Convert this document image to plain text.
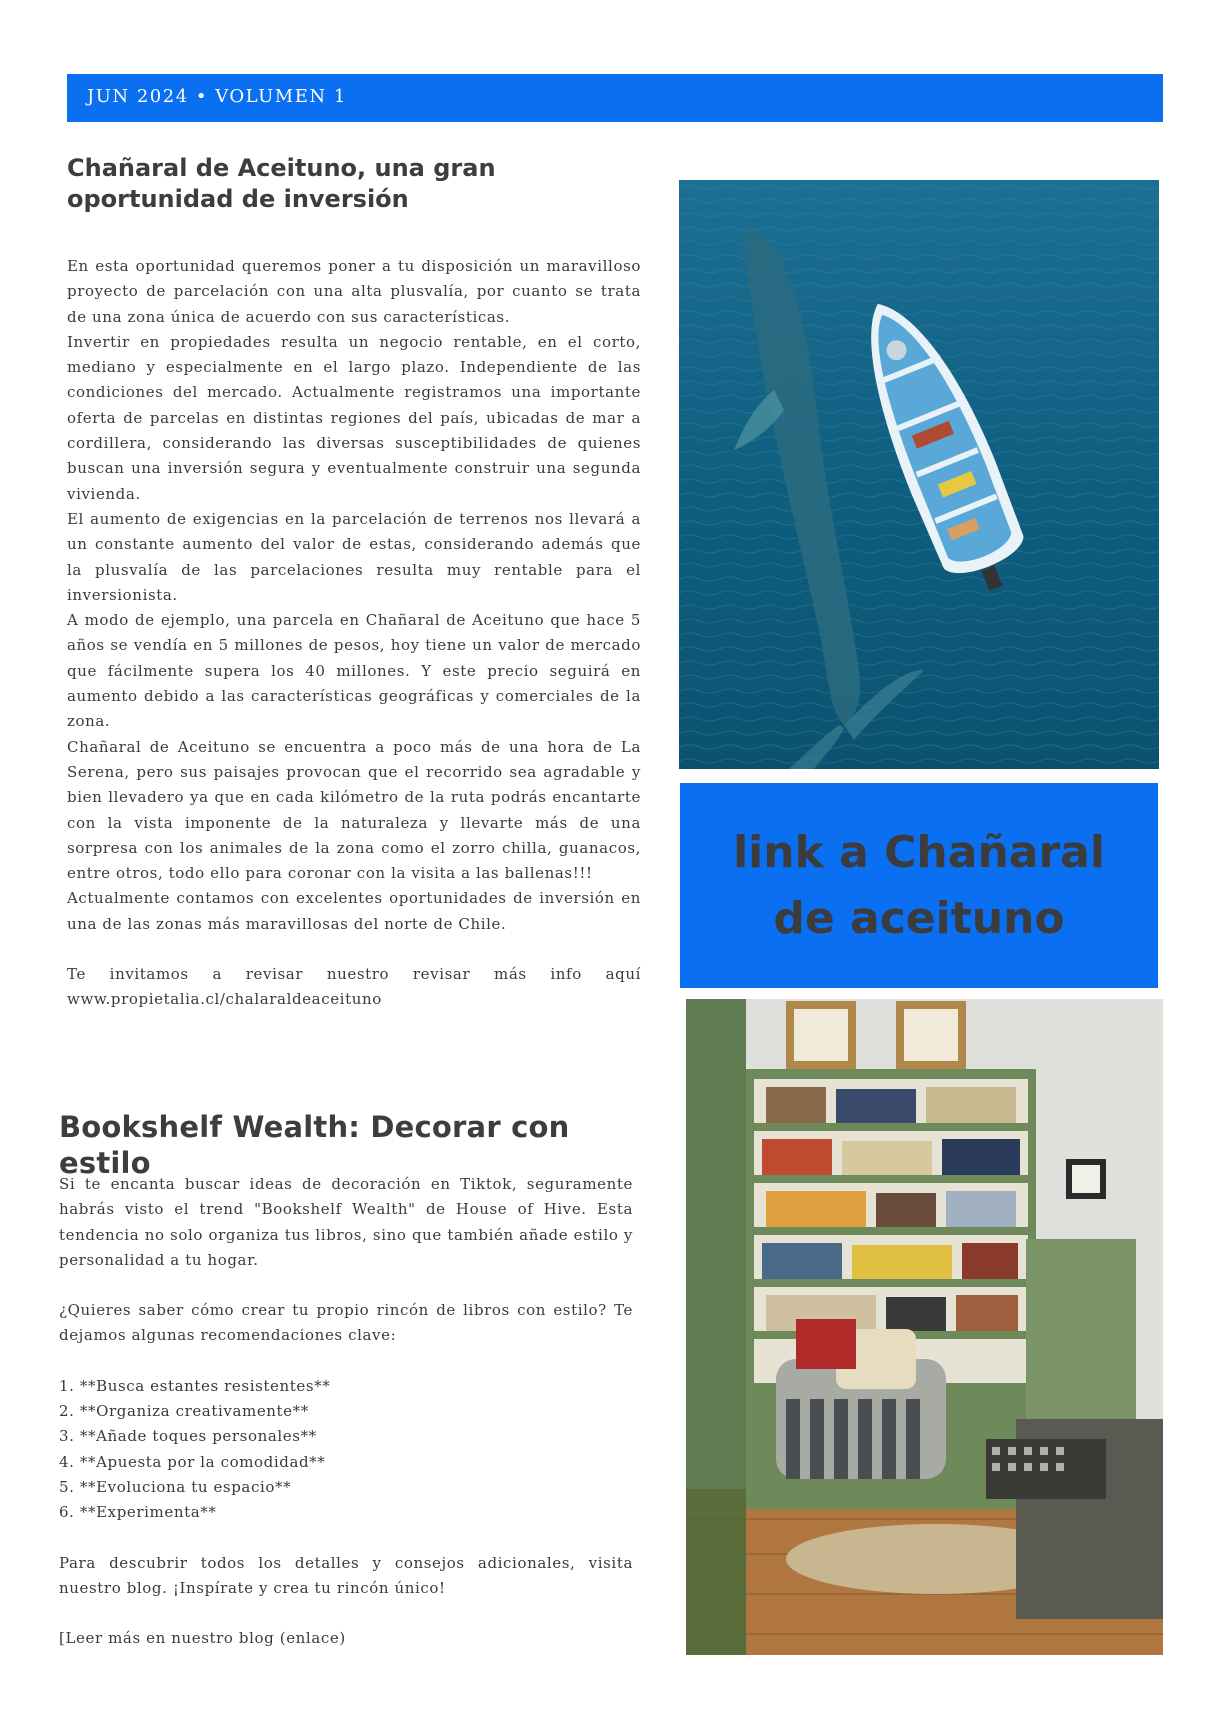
JUN 2024 • VOLUMEN 1
Chañaral de Aceituno, una gran oportunidad de inversión

En esta oportunidad queremos poner a tu disposición un maravilloso proyecto de parcelación con una alta plusvalía, por cuanto se trata de una zona única de acuerdo con sus características.

Invertir en propiedades resulta un negocio rentable, en el corto, mediano y especialmente en el largo plazo. Independiente de las condiciones del mercado. Actualmente registramos una importante oferta de parcelas en distintas regiones del país, ubicadas de mar a cordillera, considerando las diversas susceptibilidades de quienes buscan una inversión segura y eventualmente construir una segunda vivienda.

El aumento de exigencias en la parcelación de terrenos nos llevará a un constante aumento del valor de estas, considerando además que la plusvalía de las parcelaciones resulta muy rentable para el inversionista.

A modo de ejemplo, una parcela en Chañaral de Aceituno que hace 5 años se vendía en 5 millones de pesos, hoy tiene un valor de mercado que fácilmente supera los 40 millones. Y este precio seguirá en aumento debido a las características geográficas y comerciales de la zona.

Chañaral de Aceituno se encuentra a poco más de una hora de La Serena, pero sus paisajes provocan que el recorrido sea agradable y bien llevadero ya que en cada kilómetro de la ruta podrás encantarte con la vista imponente de la naturaleza y llevarte más de una sorpresa con los animales de la zona como el zorro chilla, guanacos, entre otros, todo ello para coronar con la visita a las ballenas!!!

Actualmente contamos con excelentes oportunidades de inversión en una de las zonas más maravillosas del norte de Chile.

Te invitamos a revisar nuestro revisar más info aquí

www.propietalia.cl/chalaraldeaceituno

Bookshelf Wealth: Decorar con estilo

Si te encanta buscar ideas de decoración en Tiktok, seguramente habrás visto el trend "Bookshelf Wealth" de House of Hive. Esta tendencia no solo organiza tus libros, sino que también añade estilo y personalidad a tu hogar.

¿Quieres saber cómo crear tu propio rincón de libros con estilo? Te dejamos algunas recomendaciones clave:

1. **Busca estantes resistentes**
2. **Organiza creativamente**
3. **Añade toques personales**
4. **Apuesta por la comodidad**
5. **Evoluciona tu espacio**
6. **Experimenta**

Para descubrir todos los detalles y consejos adicionales, visita nuestro blog. ¡Inspírate y crea tu rincón único!

[Leer más en nuestro blog (enlace)

link a Chañaral de aceituno
